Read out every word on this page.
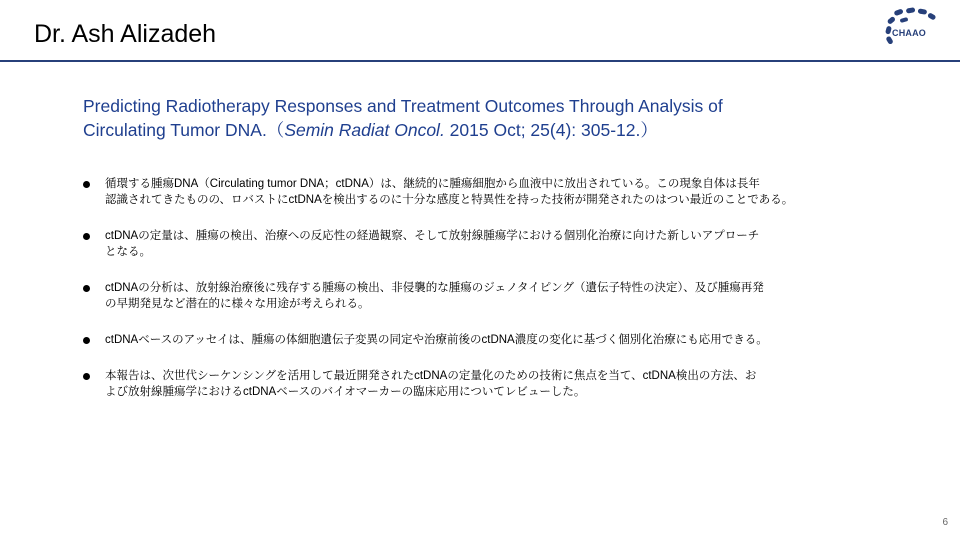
Dr. Ash Alizadeh	CHAAO
Predicting Radiotherapy Responses and Treatment Outcomes Through Analysis of
Circulating Tumor DNA.（Semin Radiat Oncol. 2015 Oct; 25(4): 305-12.）
循環する腫瘍DNA（Circulating tumor DNA；ctDNA）は、継続的に腫瘍細胞から血液中に放出されている。この現象自体は長年
認識されてきたものの、ロバストにctDNAを検出するのに十分な感度と特異性を持った技術が開発されたのはつい最近のことである。
ctDNAの定量は、腫瘍の検出、治療への反応性の経過観察、そして放射線腫瘍学における個別化治療に向けた新しいアプローチ
となる。
ctDNAの分析は、放射線治療後に残存する腫瘍の検出、非侵襲的な腫瘍のジェノタイピング（遺伝子特性の決定）、及び腫瘍再発
の早期発見など潜在的に様々な用途が考えられる。
ctDNAベースのアッセイは、腫瘍の体細胞遺伝子変異の同定や治療前後のctDNA濃度の変化に基づく個別化治療にも応用できる。
本報告は、次世代シーケンシングを活用して最近開発されたctDNAの定量化のための技術に焦点を当て、ctDNA検出の方法、お
よび放射線腫瘍学におけるctDNAベースのバイオマーカーの臨床応用についてレビューした。
6
